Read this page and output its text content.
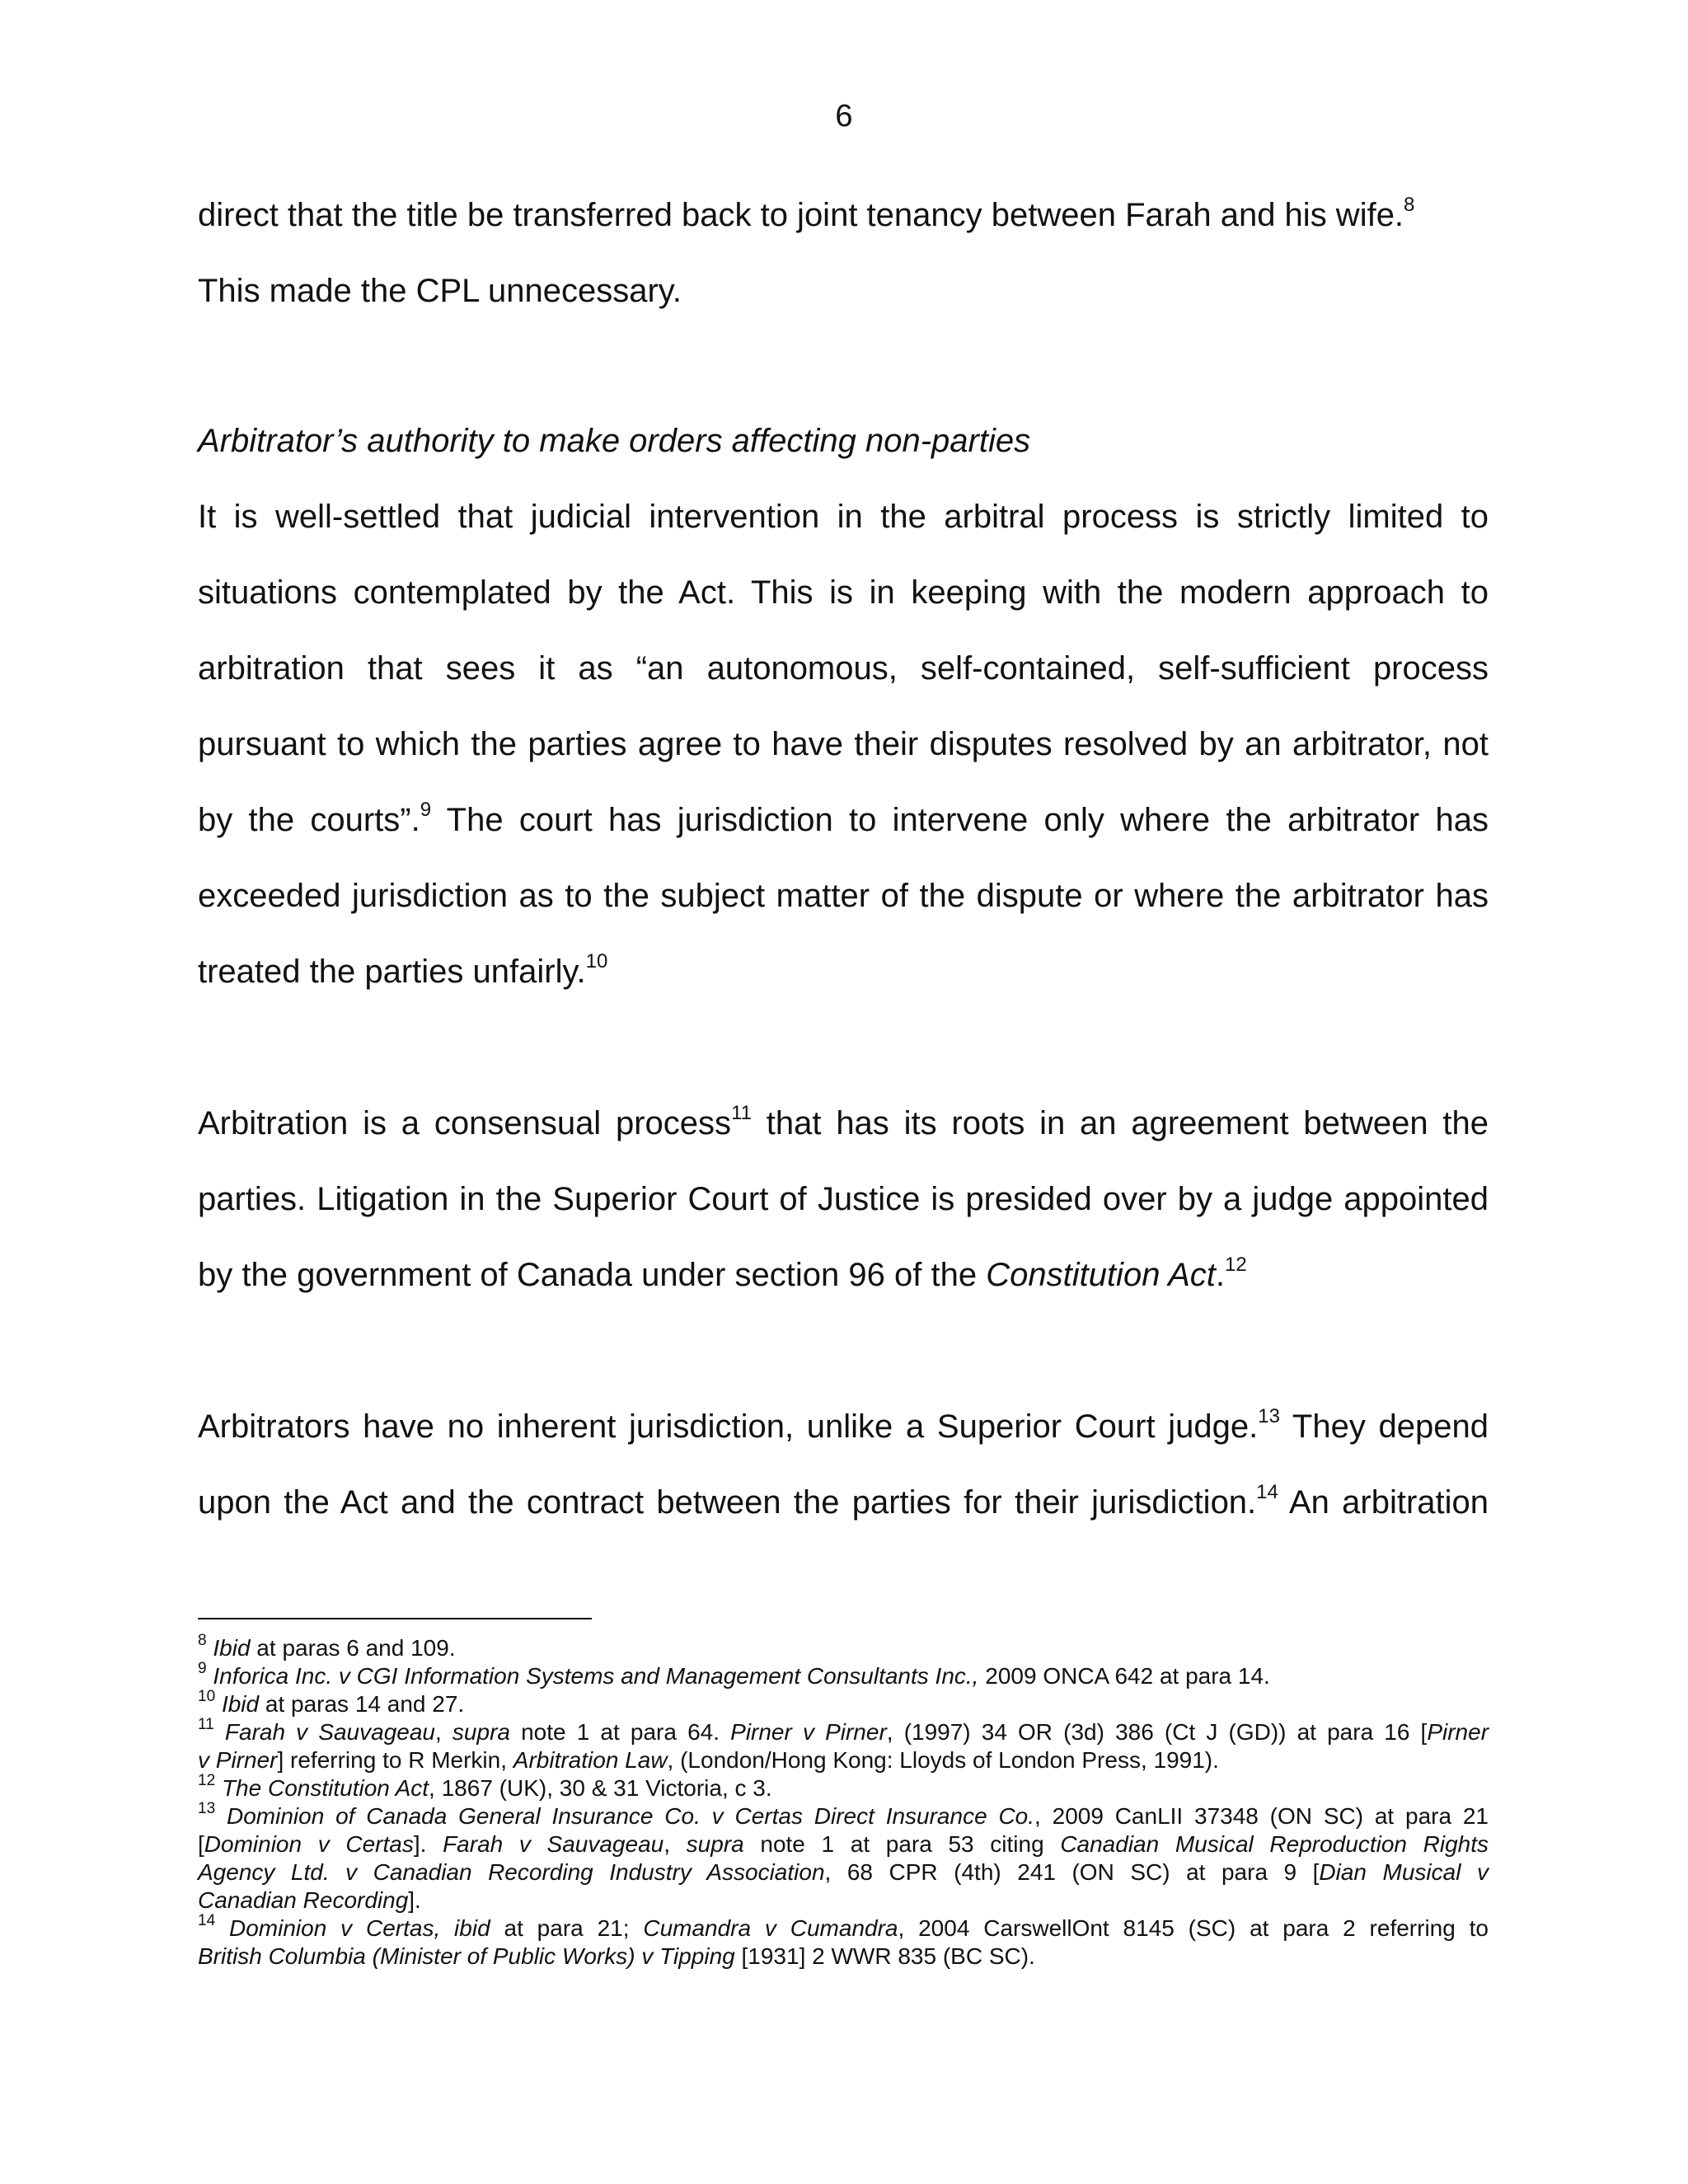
6
direct that the title be transferred back to joint tenancy between Farah and his wife.$^8$
This made the CPL unnecessary.
Arbitrator’s authority to make orders affecting non-parties
It is well-settled that judicial intervention in the arbitral process is strictly limited to
situations contemplated by the Act. This is in keeping with the modern approach to
arbitration that sees it as “an autonomous, self-contained, self-sufficient process
pursuant to which the parties agree to have their disputes resolved by an arbitrator, not
by the courts”.$^9$ The court has jurisdiction to intervene only where the arbitrator has
exceeded jurisdiction as to the subject matter of the dispute or where the arbitrator has
treated the parties unfairly.$^{10}$
Arbitration is a consensual process$^{11}$ that has its roots in an agreement between the
parties. Litigation in the Superior Court of Justice is presided over by a judge appointed
by the government of Canada under section 96 of the Constitution Act.$^{12}$
Arbitrators have no inherent jurisdiction, unlike a Superior Court judge.$^{13}$ They depend
upon the Act and the contract between the parties for their jurisdiction.$^{14}$ An arbitration
$^8$ Ibid at paras 6 and 109.
$^9$ Inforica Inc. v CGI Information Systems and Management Consultants Inc., 2009 ONCA 642 at para 14.
$^{10}$ Ibid at paras 14 and 27.
$^{11}$ Farah v Sauvageau, supra note 1 at para 64. Pirner v Pirner, (1997) 34 OR (3d) 386 (Ct J (GD)) at para 16 [Pirner
v Pirner] referring to R Merkin, Arbitration Law, (London/Hong Kong: Lloyds of London Press, 1991).
$^{12}$ The Constitution Act, 1867 (UK), 30 & 31 Victoria, c 3.
$^{13}$ Dominion of Canada General Insurance Co. v Certas Direct Insurance Co., 2009 CanLII 37348 (ON SC) at para 21
[Dominion v Certas]. Farah v Sauvageau, supra note 1 at para 53 citing Canadian Musical Reproduction Rights
Agency Ltd. v Canadian Recording Industry Association, 68 CPR (4th) 241 (ON SC) at para 9 [Dian Musical v
Canadian Recording].
$^{14}$ Dominion v Certas, ibid at para 21; Cumandra v Cumandra, 2004 CarswellOnt 8145 (SC) at para 2 referring to
British Columbia (Minister of Public Works) v Tipping [1931] 2 WWR 835 (BC SC).
